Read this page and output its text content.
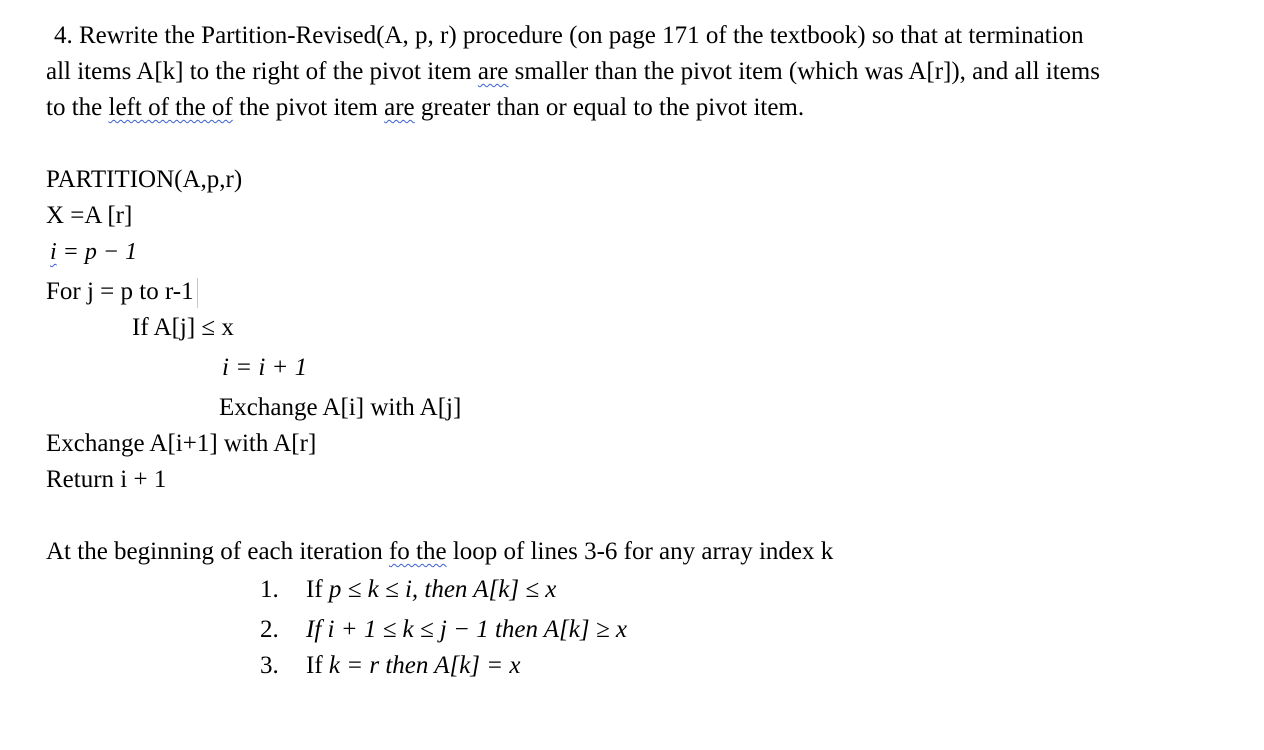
4. Rewrite the Partition-Revised(A, p, r) procedure (on page 171 of the textbook) so that at termination
all items A[k] to the right of the pivot item are smaller than the pivot item (which was A[r]), and all items
to the left of the of the pivot item are greater than or equal to the pivot item.
PARTITION(A,p,r)
X =A [r]
i = p − 1
For j = p to r-1
If A[j] ≤ x
i = i + 1
Exchange A[i] with A[j]
Exchange A[i+1] with A[r]
Return i + 1
At the beginning of each iteration fo the loop of lines 3-6 for any array index k
1. If p ≤ k ≤ i, then A[k] ≤ x
2. If i + 1 ≤ k ≤ j − 1 then A[k] ≥ x
3. If k = r then A[k] = x
